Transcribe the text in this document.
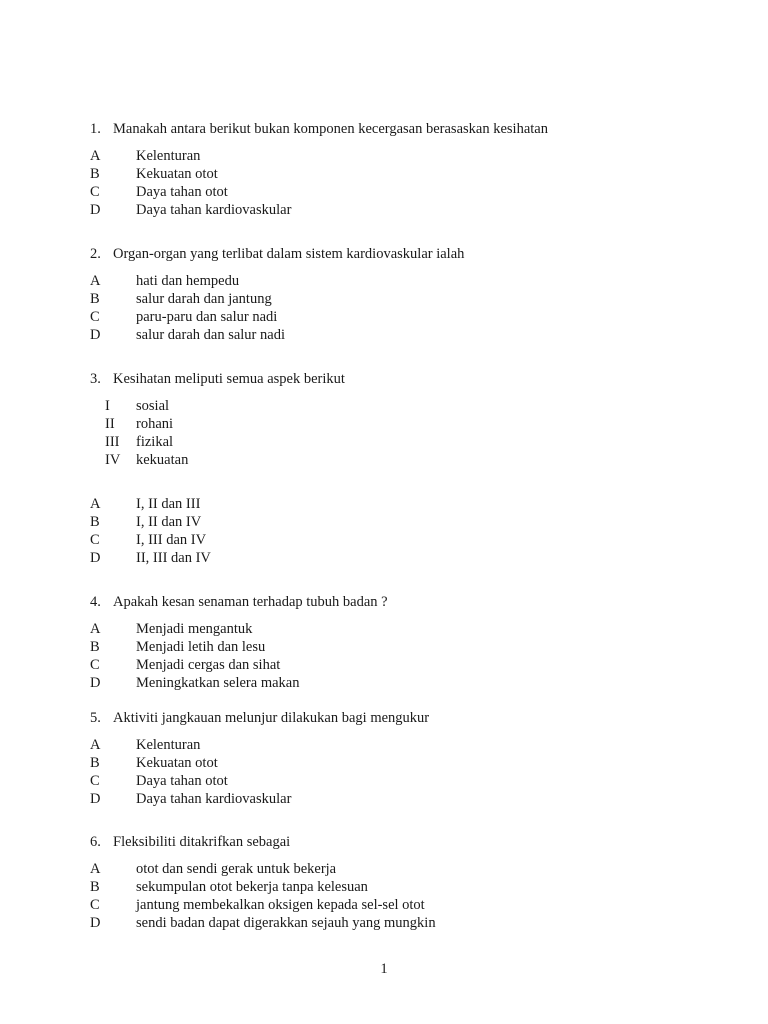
1. Manakah antara berikut bukan komponen kecergasan berasaskan kesihatan
A	Kelenturan
B	Kekuatan otot
C	Daya tahan otot
D	Daya tahan kardiovaskular
2. Organ-organ yang terlibat dalam sistem kardiovaskular ialah
A	hati dan hempedu
B	salur darah dan jantung
C	paru-paru dan salur nadi
D	salur darah dan salur nadi
3. Kesihatan meliputi semua aspek berikut
I	sosial
II	rohani
III	fizikal
IV	kekuatan
A	I, II dan III
B	I, II dan IV
C	I, III dan IV
D	II, III dan IV
4. Apakah kesan senaman terhadap tubuh badan ?
A	Menjadi mengantuk
B	Menjadi letih dan lesu
C	Menjadi cergas dan sihat
D	Meningkatkan selera makan
5. Aktiviti jangkauan melunjur dilakukan bagi mengukur
A	Kelenturan
B	Kekuatan otot
C	Daya tahan otot
D	Daya tahan kardiovaskular
6. Fleksibiliti ditakrifkan sebagai
A	otot dan sendi gerak untuk bekerja
B	sekumpulan otot bekerja tanpa kelesuan
C	jantung membekalkan oksigen kepada sel-sel otot
D	sendi badan dapat digerakkan sejauh yang mungkin
1
